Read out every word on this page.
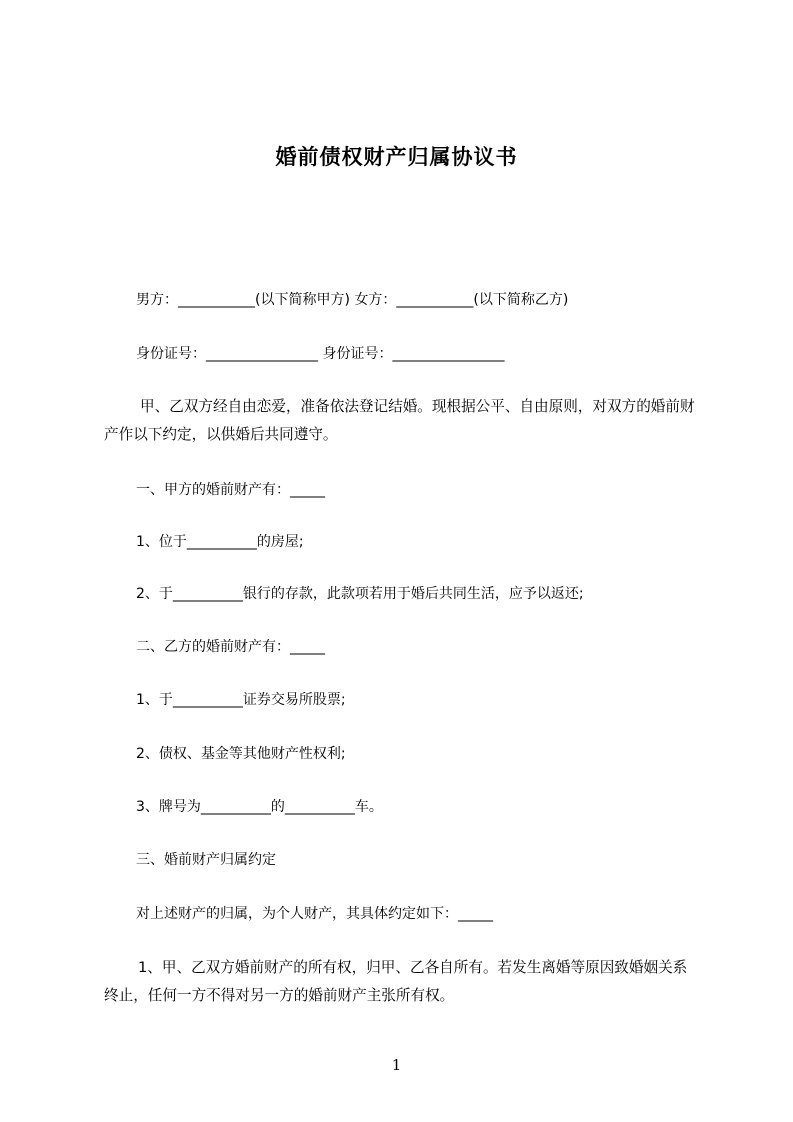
婚前债权财产归属协议书
男方：___________(以下简称甲方) 女方：___________(以下简称乙方)
身份证号：________________ 身份证号：________________
甲、乙双方经自由恋爱，准备依法登记结婚。现根据公平、自由原则，对双方的婚前财产作以下约定，以供婚后共同遵守。
一、甲方的婚前财产有：_____
1、位于__________的房屋;
2、于__________银行的存款，此款项若用于婚后共同生活，应予以返还;
二、乙方的婚前财产有：_____
1、于__________证券交易所股票;
2、债权、基金等其他财产性权利;
3、牌号为__________的__________车。
三、婚前财产归属约定
对上述财产的归属，为个人财产，其具体约定如下：_____
1、甲、乙双方婚前财产的所有权，归甲、乙各自所有。若发生离婚等原因致婚姻关系终止，任何一方不得对另一方的婚前财产主张所有权。
1
